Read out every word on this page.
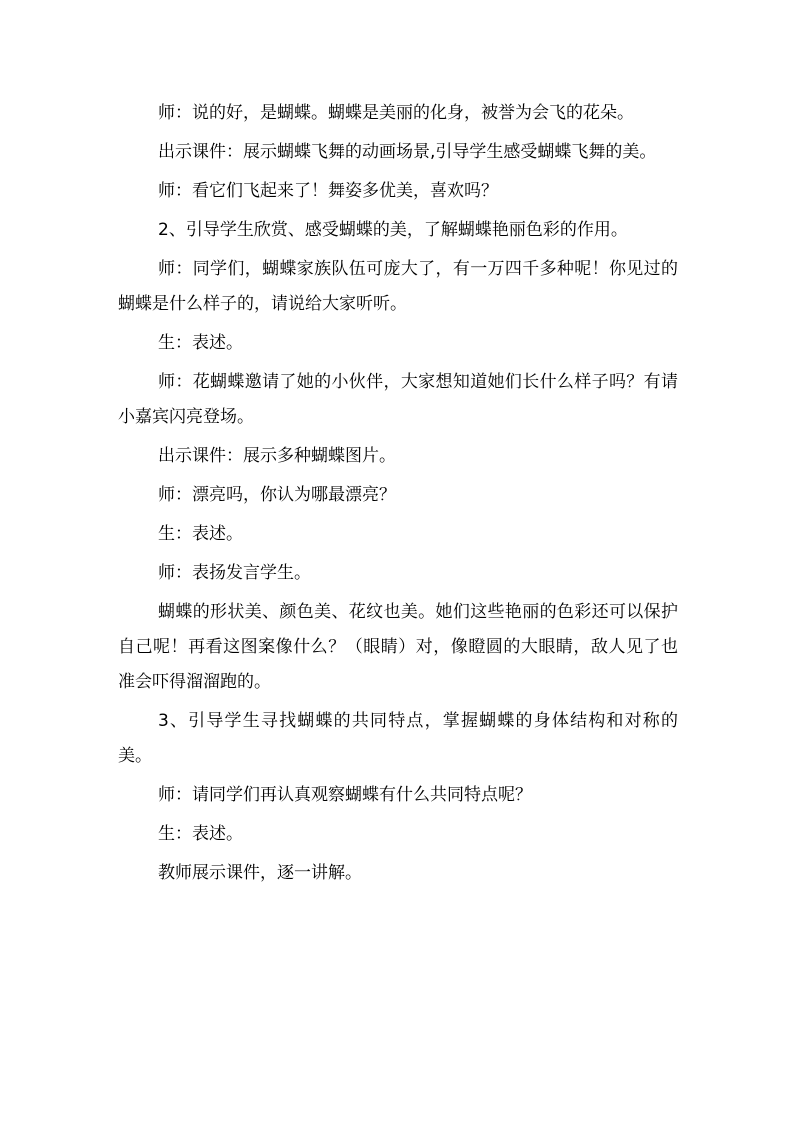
师：说的好，是蝴蝶。蝴蝶是美丽的化身，被誉为会飞的花朵。

出示课件：展示蝴蝶飞舞的动画场景,引导学生感受蝴蝶飞舞的美。

师：看它们飞起来了！舞姿多优美，喜欢吗？

2、引导学生欣赏、感受蝴蝶的美，了解蝴蝶艳丽色彩的作用。

师：同学们，蝴蝶家族队伍可庞大了，有一万四千多种呢！你见过的蝴蝶是什么样子的，请说给大家听听。

生：表述。

师：花蝴蝶邀请了她的小伙伴，大家想知道她们长什么样子吗？有请小嘉宾闪亮登场。

出示课件：展示多种蝴蝶图片。

师：漂亮吗，你认为哪最漂亮？

生：表述。

师：表扬发言学生。

蝴蝶的形状美、颜色美、花纹也美。她们这些艳丽的色彩还可以保护自己呢！再看这图案像什么？（眼睛）对，像瞪圆的大眼睛，敌人见了也准会吓得溜溜跑的。

3、引导学生寻找蝴蝶的共同特点，掌握蝴蝶的身体结构和对称的美。

师：请同学们再认真观察蝴蝶有什么共同特点呢？

生：表述。

教师展示课件，逐一讲解。
